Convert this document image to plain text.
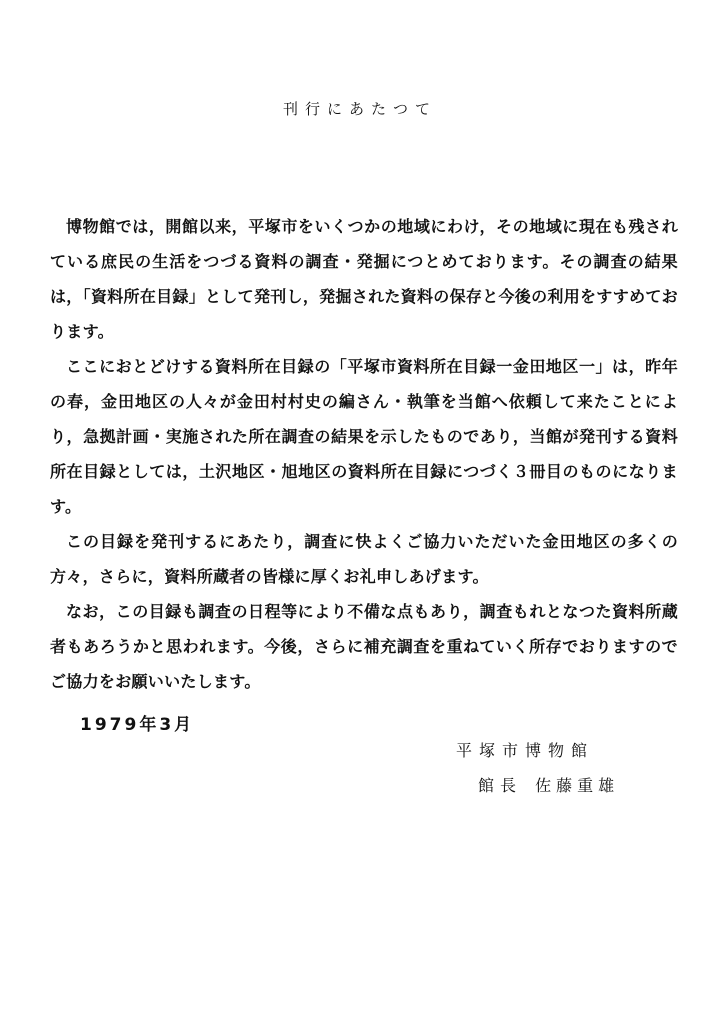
刊行にあたつて

博物館では，開館以来，平塚市をいくつかの地域にわけ，その地域に現在も残されている庶民の生活をつづる資料の調査・発掘につとめております。その調査の結果は，「資料所在目録」として発刊し，発掘された資料の保存と今後の利用をすすめております。

ここにおとどけする資料所在目録の「平塚市資料所在目録一金田地区一」は，昨年の春，金田地区の人々が金田村村史の編さん・執筆を当館へ依頼して来たことにより，急拠計画・実施された所在調査の結果を示したものであり，当館が発刊する資料所在目録としては，土沢地区・旭地区の資料所在目録につづく３冊目のものになります。

この目録を発刊するにあたり，調査に快よくご協力いただいた金田地区の多くの方々，さらに，資料所蔵者の皆様に厚くお礼申しあげます。

なお，この目録も調査の日程等により不備な点もあり，調査もれとなつた資料所蔵者もあろうかと思われます。今後，さらに補充調査を重ねていく所存でおりますのでご協力をお願いいたします。

1979年3月
平塚市博物館
館長 佐藤重雄
